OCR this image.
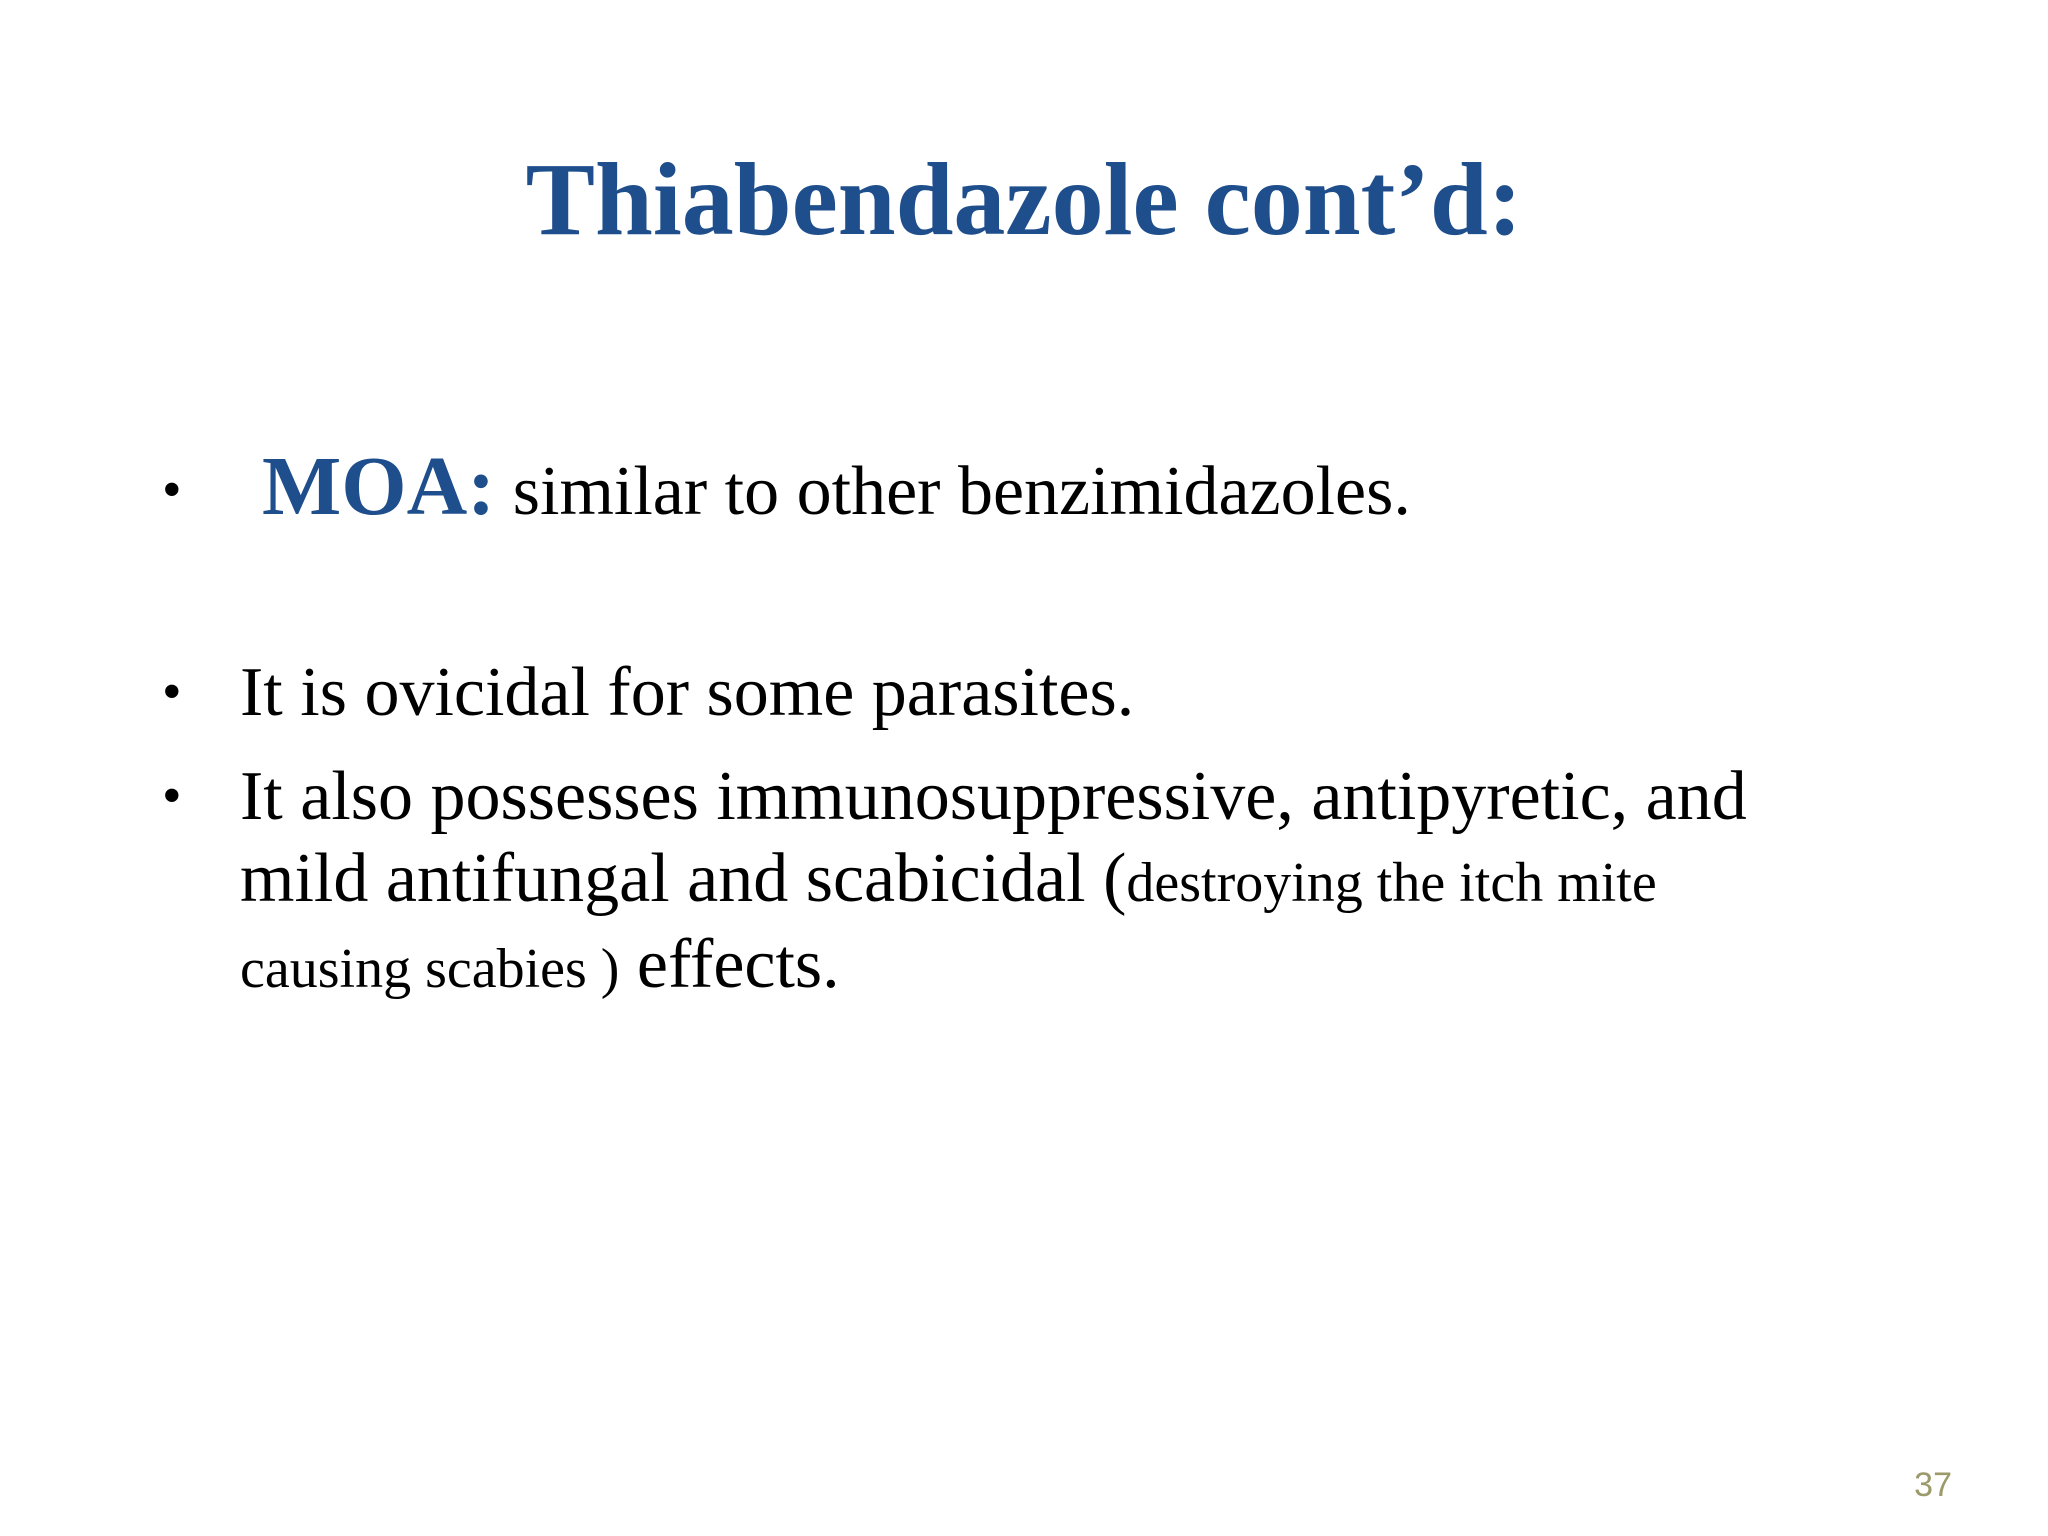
Thiabendazole cont’d:
• MOA: similar to other benzimidazoles.
• It is ovicidal for some parasites.
• It also possesses immunosuppressive, antipyretic, and mild antifungal and scabicidal (destroying the itch mite causing scabies ) effects.
37
